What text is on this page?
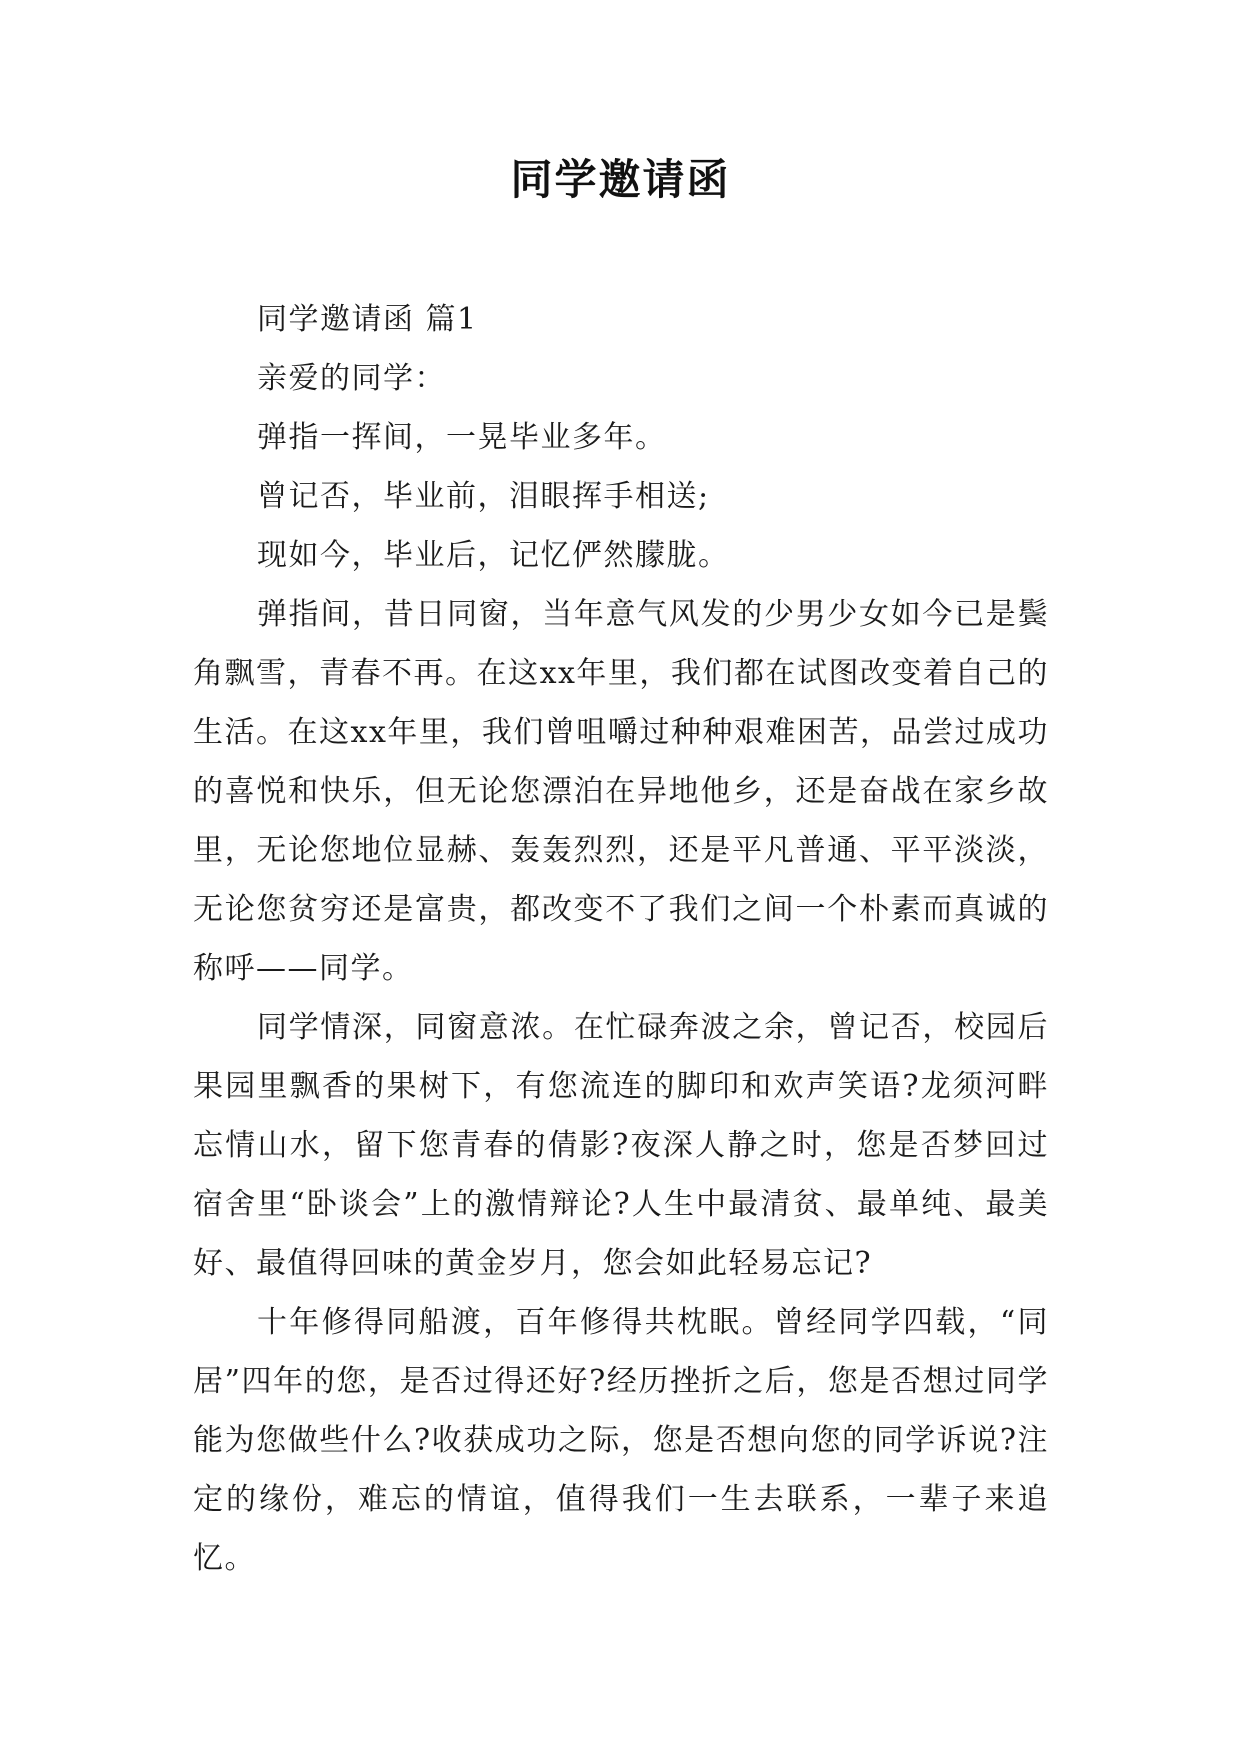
同学邀请函

同学邀请函 篇1

亲爱的同学：

弹指一挥间，一晃毕业多年。

曾记否，毕业前，泪眼挥手相送;

现如今，毕业后，记忆俨然朦胧。

弹指间，昔日同窗，当年意气风发的少男少女如今已是鬓角飘雪，青春不再。在这xx年里，我们都在试图改变着自己的生活。在这xx年里，我们曾咀嚼过种种艰难困苦，品尝过成功的喜悦和快乐，但无论您漂泊在异地他乡，还是奋战在家乡故里，无论您地位显赫、轰轰烈烈，还是平凡普通、平平淡淡，无论您贫穷还是富贵，都改变不了我们之间一个朴素而真诚的称呼——同学。

同学情深，同窗意浓。在忙碌奔波之余，曾记否，校园后果园里飘香的果树下，有您流连的脚印和欢声笑语?龙须河畔忘情山水，留下您青春的倩影?夜深人静之时，您是否梦回过宿舍里“卧谈会”上的激情辩论?人生中最清贫、最单纯、最美好、最值得回味的黄金岁月，您会如此轻易忘记?

十年修得同船渡，百年修得共枕眠。曾经同学四载，“同居”四年的您，是否过得还好?经历挫折之后，您是否想过同学能为您做些什么?收获成功之际，您是否想向您的同学诉说?注定的缘份，难忘的情谊，值得我们一生去联系，一辈子来追忆。
